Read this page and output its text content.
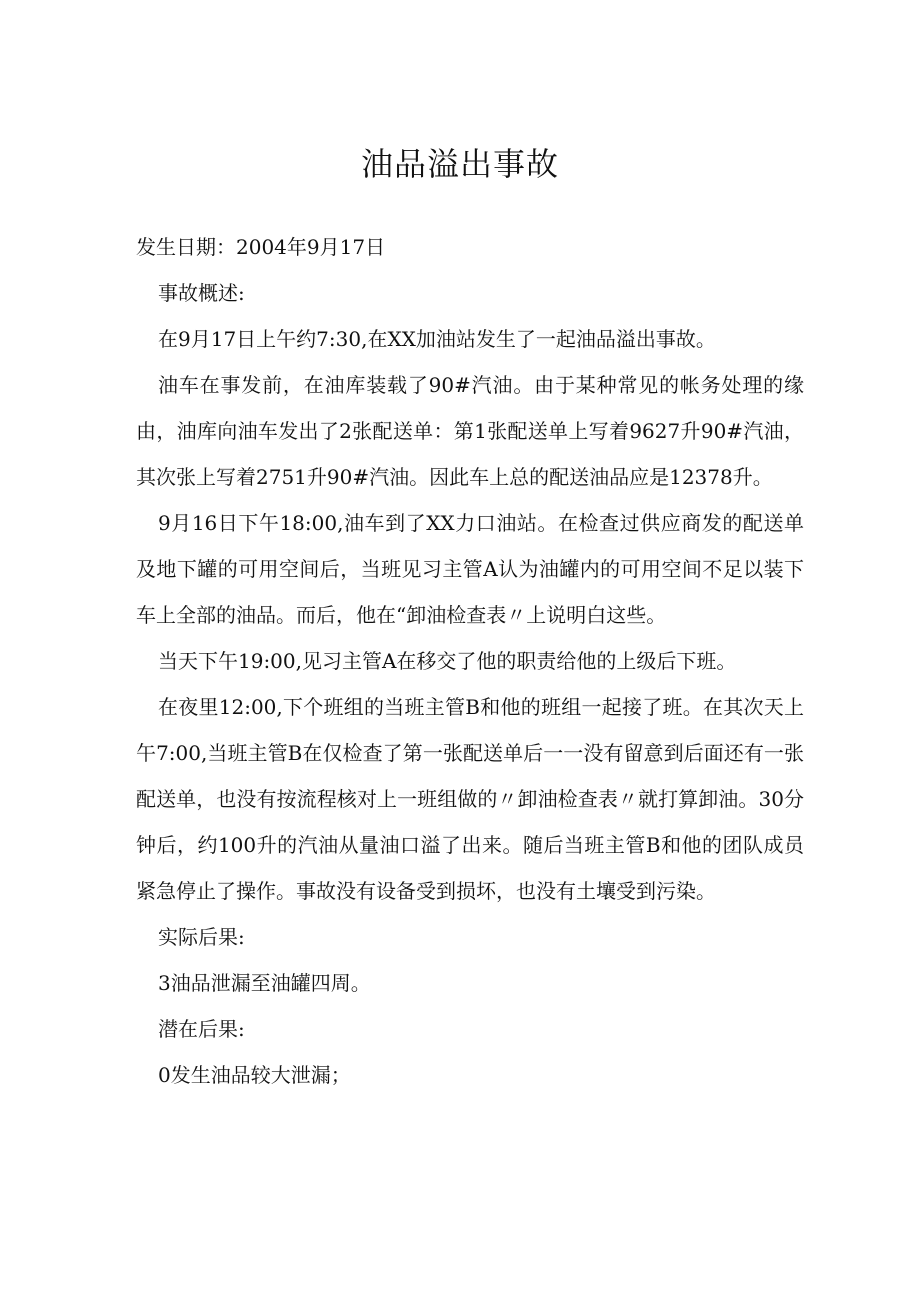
油品溢出事故

发生日期：2004年9月17日

事故概述:

在9月17日上午约7:30,在XX加油站发生了一起油品溢出事故。

油车在事发前，在油库装载了90#汽油。由于某种常见的帐务处理的缘由，油库向油车发出了2张配送单：第1张配送单上写着9627升90#汽油，其次张上写着2751升90#汽油。因此车上总的配送油品应是12378升。

9月16日下午18:00,油车到了XX力口油站。在检查过供应商发的配送单及地下罐的可用空间后，当班见习主管A认为油罐内的可用空间不足以装下车上全部的油品。而后，他在“卸油检查表〃上说明白这些。

当天下午19:00,见习主管A在移交了他的职责给他的上级后下班。

在夜里12:00,下个班组的当班主管B和他的班组一起接了班。在其次天上午7:00,当班主管B在仅检查了第一张配送单后一一没有留意到后面还有一张配送单，也没有按流程核对上一班组做的〃卸油检查表〃就打算卸油。30分钟后，约100升的汽油从量油口溢了出来。随后当班主管B和他的团队成员紧急停止了操作。事故没有设备受到损坏，也没有土壤受到污染。

实际后果:

3油品泄漏至油罐四周。

潜在后果:

0发生油品较大泄漏；
